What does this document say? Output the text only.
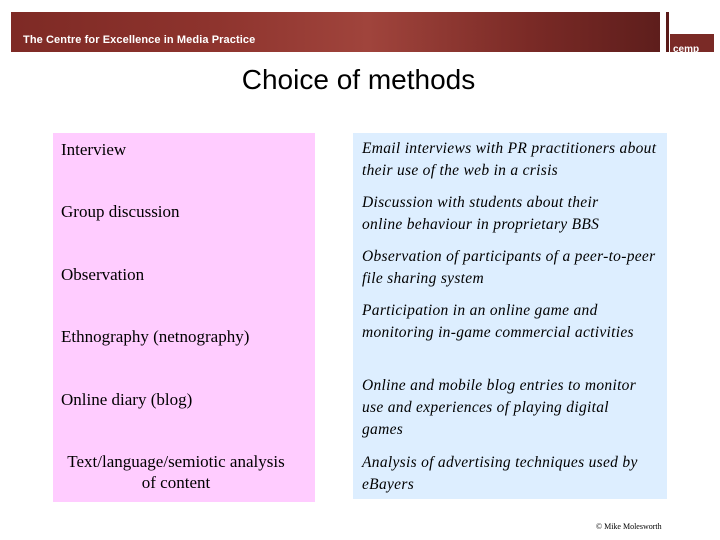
The Centre for Excellence in Media Practice
cemp
Choice of methods
Interview
Group discussion
Observation
Ethnography (netnography)
Online diary (blog)
Text/language/semiotic analysis of content
Email interviews with PR practitioners about their use of the web in a crisis
Discussion with students about their online behaviour in proprietary BBS
Observation of participants of a peer-to-peer file sharing system
Participation in an online game and monitoring in-game commercial activities
Online and mobile blog entries to monitor use and experiences of playing digital games
Analysis of advertising techniques used by eBayers
© Mike Molesworth
